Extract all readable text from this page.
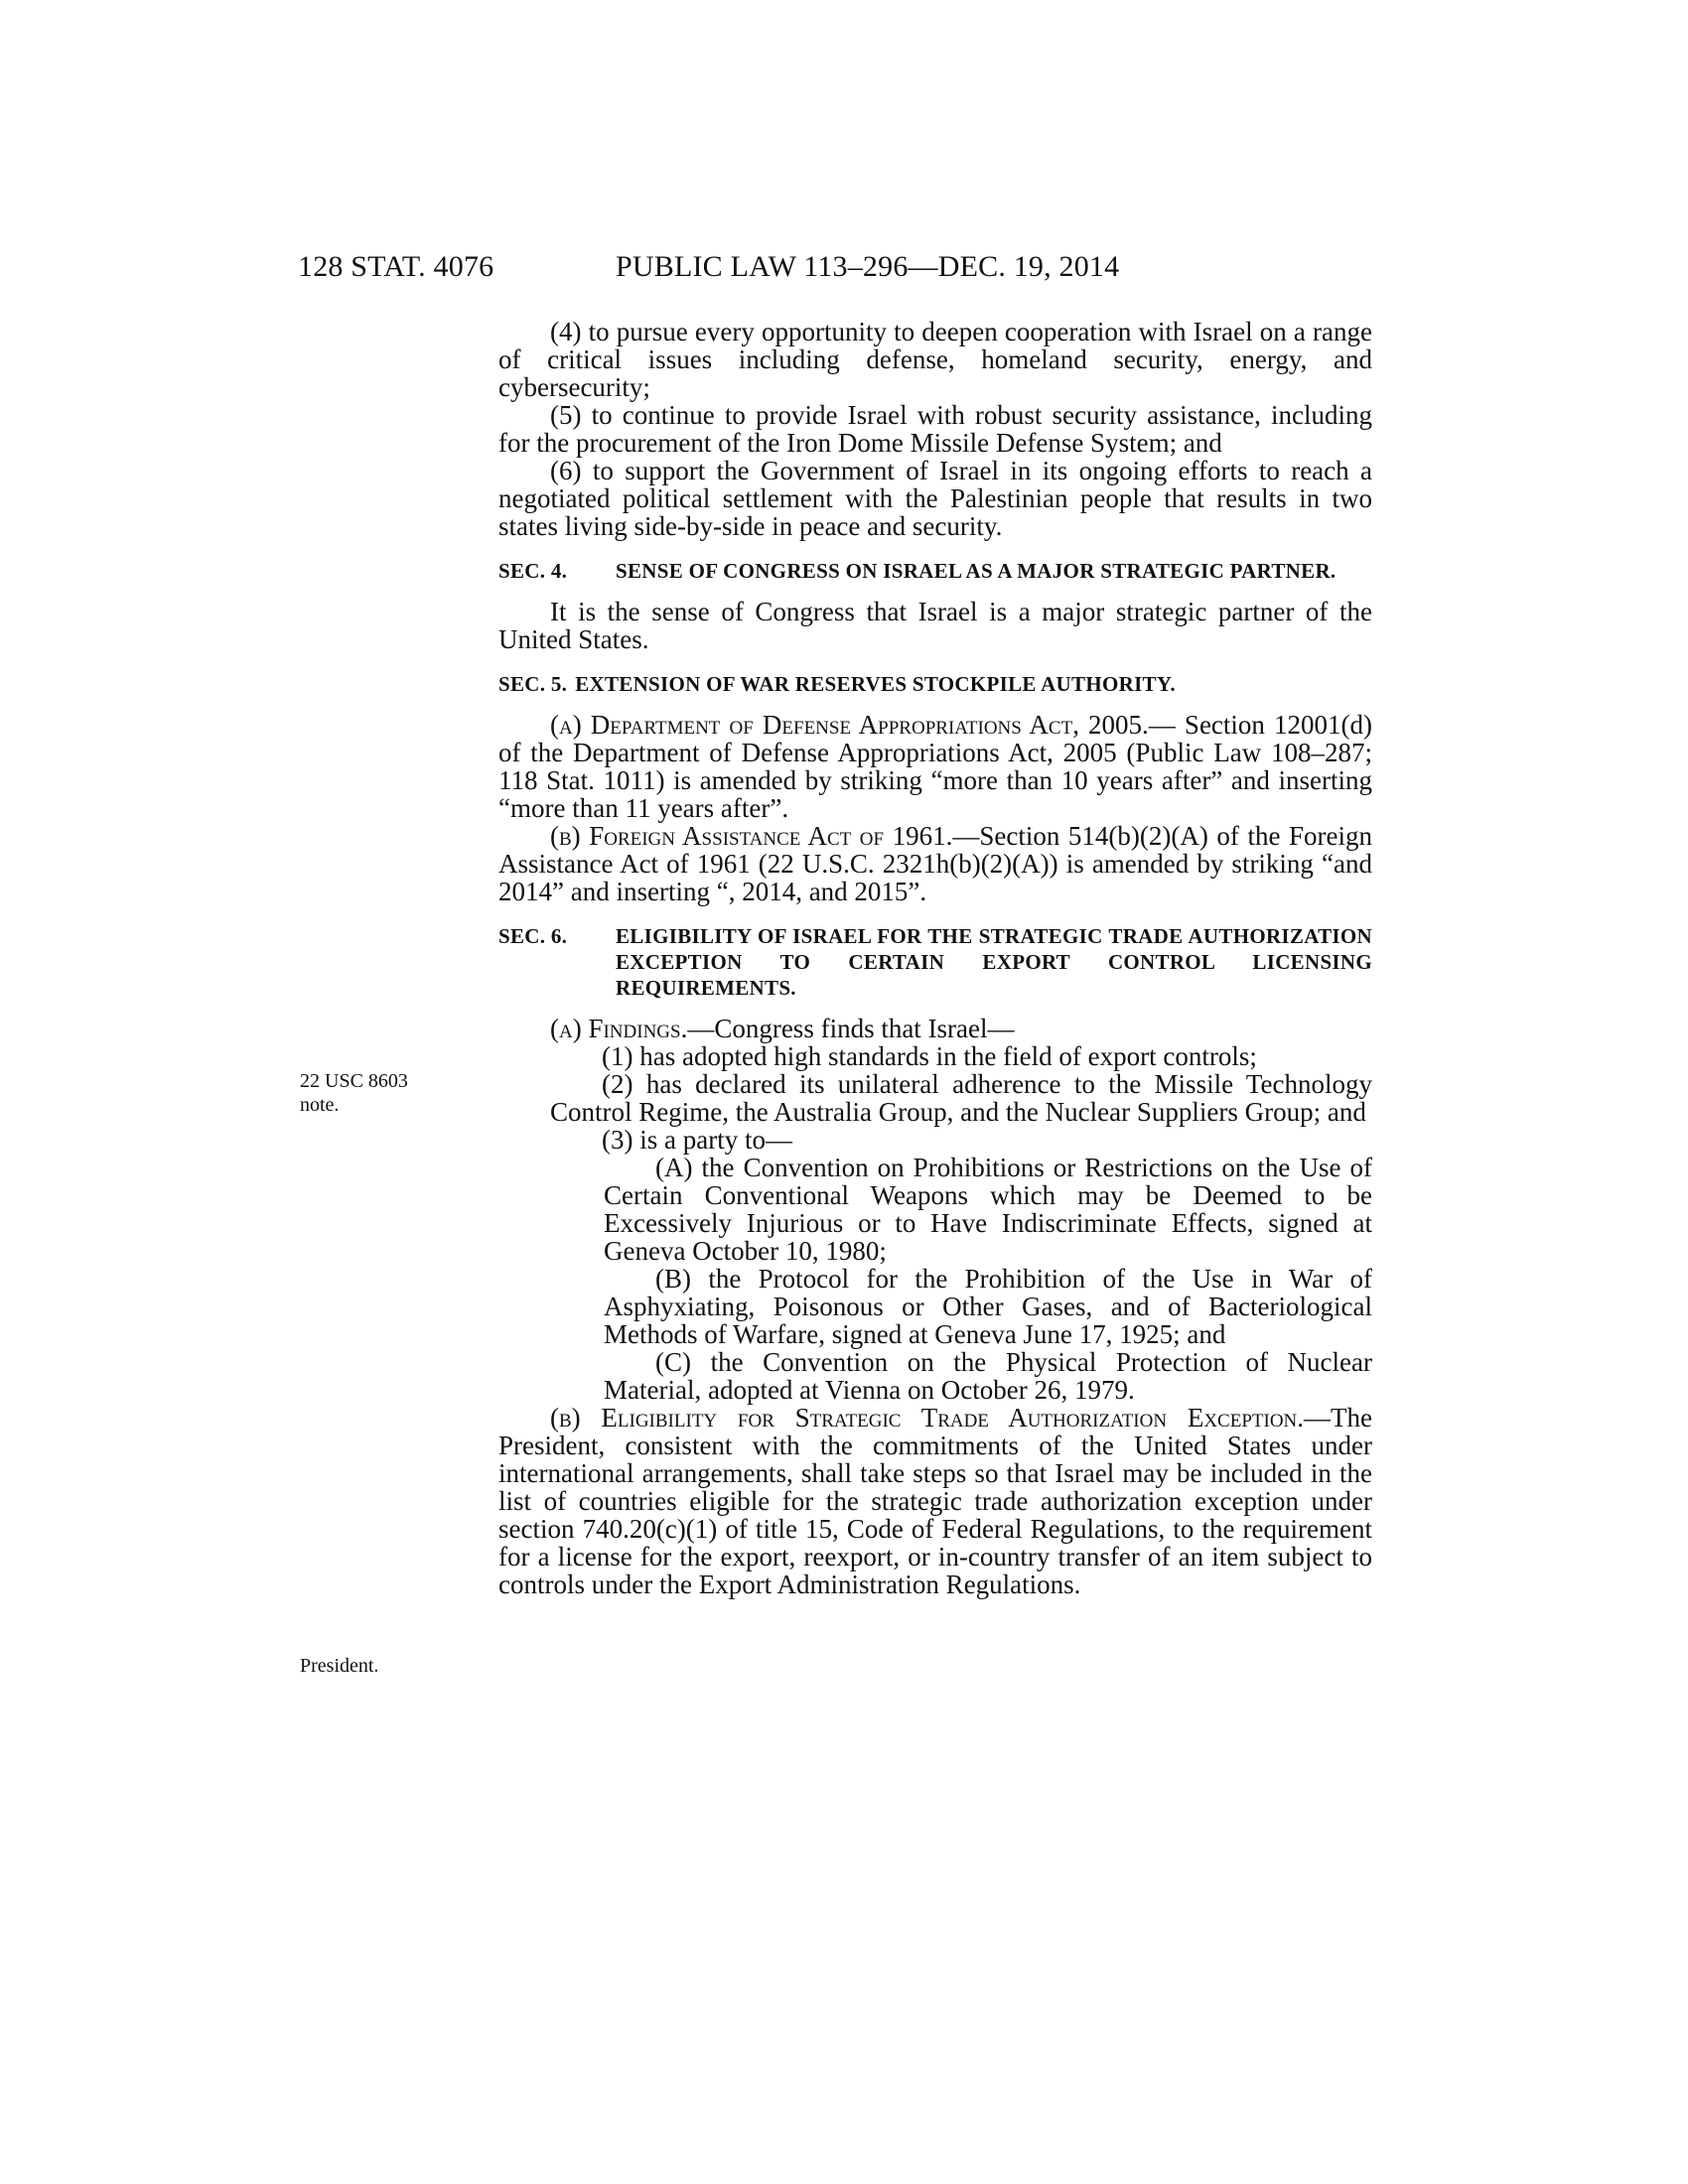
128 STAT. 4076	PUBLIC LAW 113–296—DEC. 19, 2014
22 USC 8603
note.
President.

(4) to pursue every opportunity to deepen cooperation with Israel on a range of critical issues including defense, homeland security, energy, and cybersecurity;

(5) to continue to provide Israel with robust security assistance, including for the procurement of the Iron Dome Missile Defense System; and

(6) to support the Government of Israel in its ongoing efforts to reach a negotiated political settlement with the Palestinian people that results in two states living side-by-side in peace and security.

SEC. 4.	SENSE OF CONGRESS ON ISRAEL AS A MAJOR STRATEGIC PARTNER.

It is the sense of Congress that Israel is a major strategic partner of the United States.

SEC. 5. EXTENSION OF WAR RESERVES STOCKPILE AUTHORITY.

(a) Department of Defense Appropriations Act, 2005.— Section 12001(d) of the Department of Defense Appropriations Act, 2005 (Public Law 108–287; 118 Stat. 1011) is amended by striking “more than 10 years after” and inserting “more than 11 years after”.

(b) Foreign Assistance Act of 1961.—Section 514(b)(2)(A) of the Foreign Assistance Act of 1961 (22 U.S.C. 2321h(b)(2)(A)) is amended by striking “and 2014” and inserting “, 2014, and 2015”.

SEC. 6.	ELIGIBILITY OF ISRAEL FOR THE STRATEGIC TRADE AUTHORIZATION EXCEPTION TO CERTAIN EXPORT CONTROL LICENSING REQUIREMENTS.

(a) Findings.—Congress finds that Israel—

(1) has adopted high standards in the field of export controls;

(2) has declared its unilateral adherence to the Missile Technology Control Regime, the Australia Group, and the Nuclear Suppliers Group; and

(3) is a party to—

(A) the Convention on Prohibitions or Restrictions on the Use of Certain Conventional Weapons which may be Deemed to be Excessively Injurious or to Have Indiscriminate Effects, signed at Geneva October 10, 1980;

(B) the Protocol for the Prohibition of the Use in War of Asphyxiating, Poisonous or Other Gases, and of Bacteriological Methods of Warfare, signed at Geneva June 17, 1925; and

(C) the Convention on the Physical Protection of Nuclear Material, adopted at Vienna on October 26, 1979.

(b) Eligibility for Strategic Trade Authorization Exception.—The President, consistent with the commitments of the United States under international arrangements, shall take steps so that Israel may be included in the list of countries eligible for the strategic trade authorization exception under section 740.20(c)(1) of title 15, Code of Federal Regulations, to the requirement for a license for the export, reexport, or in-country transfer of an item subject to controls under the Export Administration Regulations.
